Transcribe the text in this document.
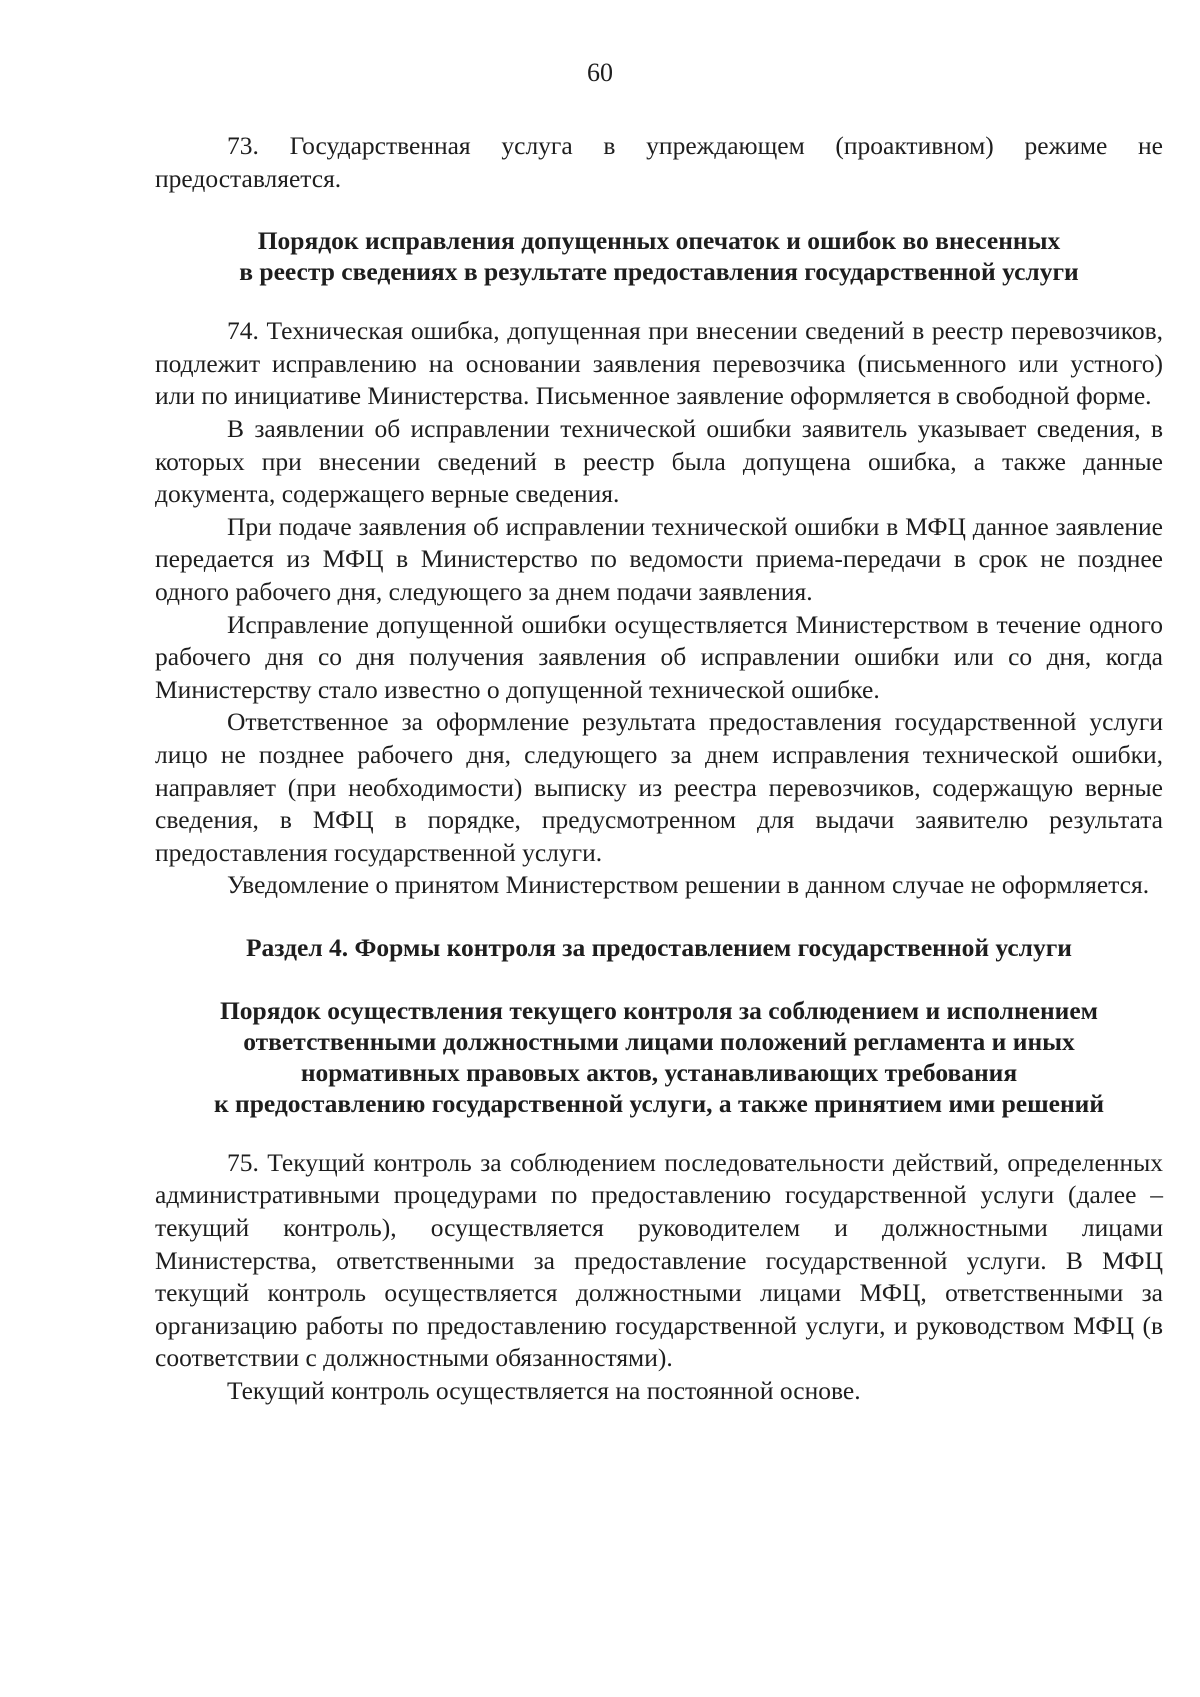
60

73. Государственная услуга в упреждающем (проактивном) режиме не предоставляется.

Порядок исправления допущенных опечаток и ошибок во внесенных
в реестр сведениях в результате предоставления государственной услуги

74. Техническая ошибка, допущенная при внесении сведений в реестр перевозчиков, подлежит исправлению на основании заявления перевозчика (письменного или устного) или по инициативе Министерства. Письменное заявление оформляется в свободной форме.

В заявлении об исправлении технической ошибки заявитель указывает сведения, в которых при внесении сведений в реестр была допущена ошибка, а также данные документа, содержащего верные сведения.

При подаче заявления об исправлении технической ошибки в МФЦ данное заявление передается из МФЦ в Министерство по ведомости приема-передачи в срок не позднее одного рабочего дня, следующего за днем подачи заявления.

Исправление допущенной ошибки осуществляется Министерством в течение одного рабочего дня со дня получения заявления об исправлении ошибки или со дня, когда Министерству стало известно о допущенной технической ошибке.

Ответственное за оформление результата предоставления государственной услуги лицо не позднее рабочего дня, следующего за днем исправления технической ошибки, направляет (при необходимости) выписку из реестра перевозчиков, содержащую верные сведения, в МФЦ в порядке, предусмотренном для выдачи заявителю результата предоставления государственной услуги.

Уведомление о принятом Министерством решении в данном случае не оформляется.

Раздел 4. Формы контроля за предоставлением государственной услуги
Порядок осуществления текущего контроля за соблюдением и исполнением
ответственными должностными лицами положений регламента и иных
нормативных правовых актов, устанавливающих требования
к предоставлению государственной услуги, а также принятием ими решений

75. Текущий контроль за соблюдением последовательности действий, определенных административными процедурами по предоставлению государственной услуги (далее – текущий контроль), осуществляется руководителем и должностными лицами Министерства, ответственными за предоставление государственной услуги. В МФЦ текущий контроль осуществляется должностными лицами МФЦ, ответственными за организацию работы по предоставлению государственной услуги, и руководством МФЦ (в соответствии с должностными обязанностями).

Текущий контроль осуществляется на постоянной основе.
